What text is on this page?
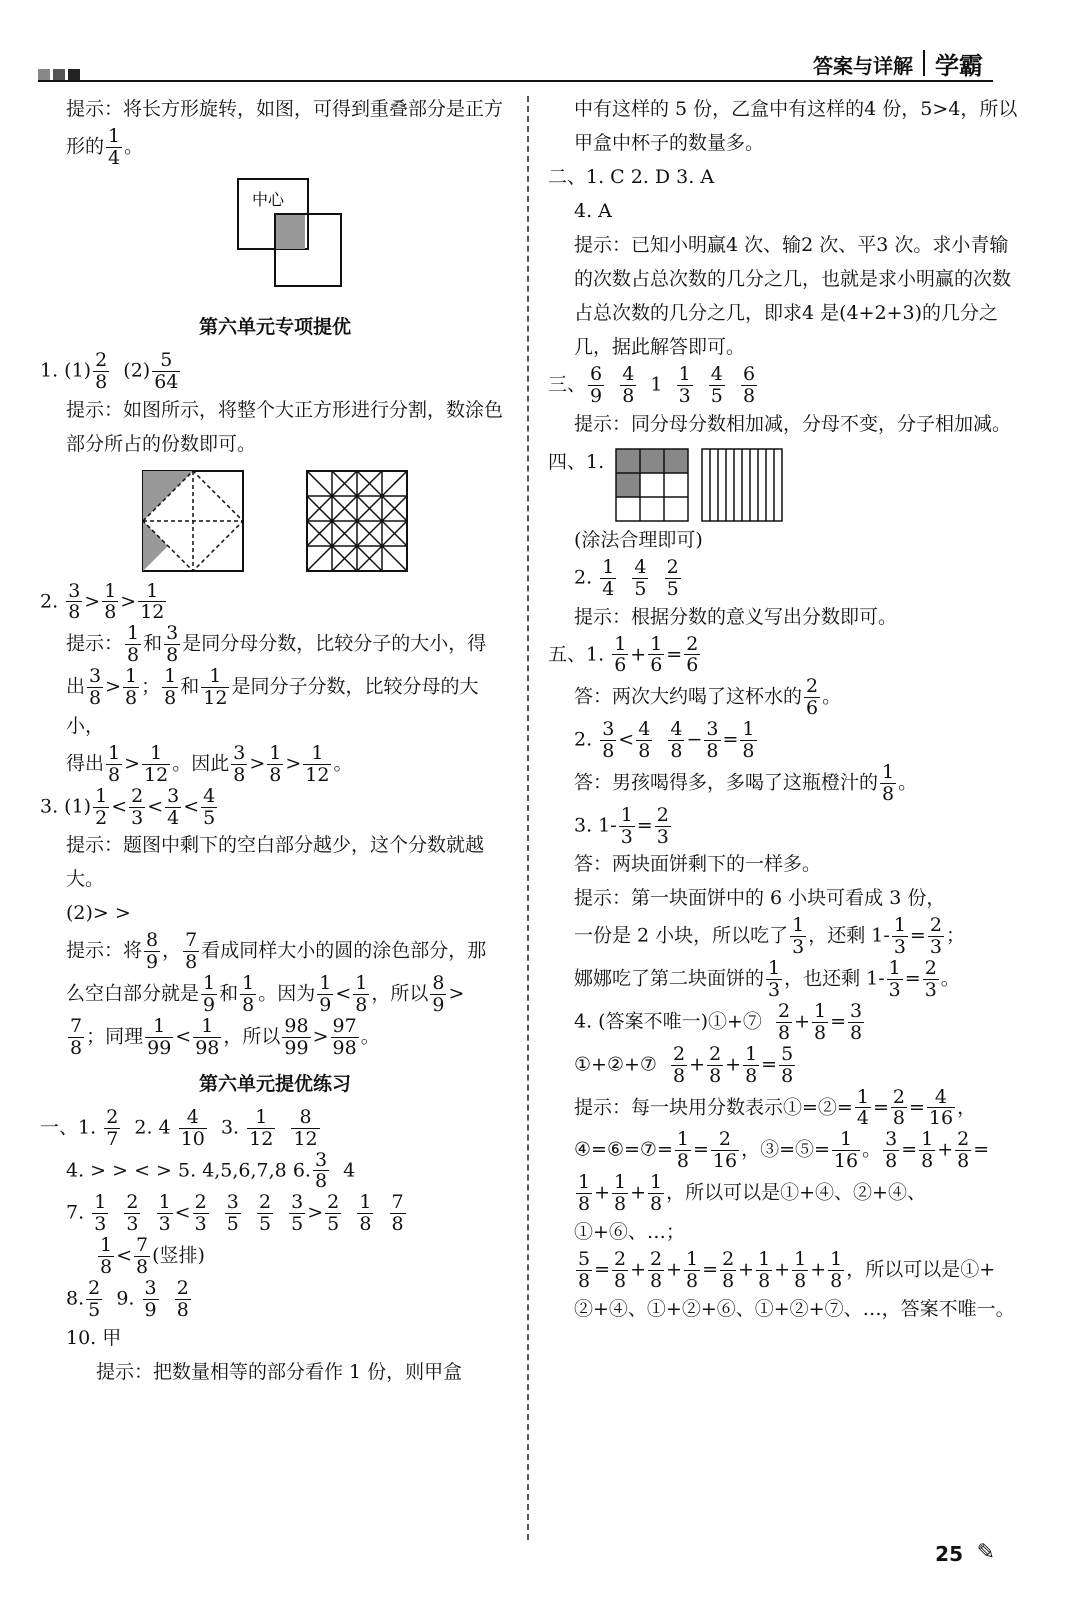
答案与详解 学霸

提示：将长方形旋转，如图，可得到重叠部分是正方形的 $\frac{1}{4}$ 。

中心

第六单元专项提优

1. $(1) \frac{2}{8} (2) \frac{5}{64}$

提示：如图所示，将整个大正方形进行分割，数涂色部分所占的份数即可。

2. $\frac{3}{8} > \frac{1}{8} > \frac{1}{12}$

提示： $\frac{1}{8}$ 和 $\frac{3}{8}$ 是同分母分数，比较分子的大小，得

出 $\frac{3}{8} > \frac{1}{8}$ ； $\frac{1}{8}$ 和 $\frac{1}{12}$ 是同分子分数，比较分母的大小，

得出 $\frac{1}{8} > \frac{1}{12}$ 。因此 $\frac{3}{8} > \frac{1}{8} > \frac{1}{12}$ 。

3. $(1) \frac{1}{2} < \frac{2}{3} < \frac{3}{4} < \frac{4}{5}$

提示：题图中剩下的空白部分越少，这个分数就越大。

(2)> >

提示：将 $\frac{8}{9}$ ， $\frac{7}{8}$ 看成同样大小的圆的涂色部分，那

么空白部分就是 $\frac{1}{9}$ 和 $\frac{1}{8}$ 。因为 $\frac{1}{9} < \frac{1}{8}$ ，所以 $\frac{8}{9}$ >

$\frac{7}{8}$ ；同理 $\frac{1}{99} < \frac{1}{98}$ ，所以 $\frac{98}{99} > \frac{97}{98}$ 。

第六单元提优练习

一、1. $\frac{2}{7} 2$. $4 \frac{4}{10} 3$. $\frac{1}{12}$
$\frac{8}{12}$

4. > > < > 5. 4,5,6,7,8 6. $\frac{3}{8} 4$

7. $\frac{1}{3}$
$\frac{2}{3}$
$\frac{1}{3} < \frac{2}{3}$
$\frac{3}{5}$
$\frac{2}{5}$
$\frac{3}{5} > \frac{2}{5}$
$\frac{1}{8}$
$\frac{7}{8}$

$\frac{1}{8} < \frac{7}{8}$ (竖排)

8. $\frac{2}{5} 9$. $\frac{3}{9}$
$\frac{2}{8}$

10. 甲

提示：把数量相等的部分看作 1 份，则甲盒

中有这样的 5 份，乙盒中有这样的4 份，5>4，所以甲盒中杯子的数量多。

二、1. C 2. D 3. A

4. A

提示：已知小明赢4 次、输2 次、平3 次。求小青输的次数占总次数的几分之几，也就是求小明赢的次数占总次数的几分之几，即求4 是(4+2+3)的几分之几，据此解答即可。

三、 $\frac{6}{9}$
$\frac{4}{8} 1 \frac{1}{3}$
$\frac{4}{5}$
$\frac{6}{8}$

提示：同分母分数相加减，分母不变，分子相加减。

四、1.

(涂法合理即可)

2. $\frac{1}{4}$
$\frac{4}{5}$
$\frac{2}{5}$

提示：根据分数的意义写出分数即可。

五、1. $\frac{1}{6} + \frac{1}{6} = \frac{2}{6}$

答：两次大约喝了这杯水的 $\frac{2}{6}$ 。

2. $\frac{3}{8} < \frac{4}{8}$
$\frac{4}{8} - \frac{3}{8} = \frac{1}{8}$

答：男孩喝得多，多喝了这瓶橙汁的 $\frac{1}{8}$ 。

3. $1- \frac{1}{3} = \frac{2}{3}$

答：两块面饼剩下的一样多。

提示：第一块面饼中的 6 小块可看成 3 份，

一份是 2 小块，所以吃了 $\frac{1}{3}$ ，还剩 $1- \frac{1}{3} = \frac{2}{3}$ ；

娜娜吃了第二块面饼的 $\frac{1}{3}$ ，也还剩 $1- \frac{1}{3} = \frac{2}{3}$ 。

4. (答案不唯一)①+⑦ $\frac{2}{8} + \frac{1}{8} = \frac{3}{8}$

①+②+⑦ $\frac{2}{8} + \frac{2}{8} + \frac{1}{8} = \frac{5}{8}$

提示：每一块用分数表示①=②= $\frac{1}{4} = \frac{2}{8} = \frac{4}{16}$ ，

④=⑥=⑦= $\frac{1}{8} = \frac{2}{16}$ ，③=⑤= $\frac{1}{16}$ 。 $\frac{3}{8} = \frac{1}{8} + \frac{2}{8}$ =

$\frac{1}{8} + \frac{1}{8} + \frac{1}{8}$ ，所以可以是①+④、②+④、①+⑥、…；

$\frac{5}{8} = \frac{2}{8} + \frac{2}{8} + \frac{1}{8} = \frac{2}{8} + \frac{1}{8} + \frac{1}{8} + \frac{1}{8}$ ，所以可以是①+

②+④、①+②+⑥、①+②+⑦、…，答案不唯一。

25 ✎
